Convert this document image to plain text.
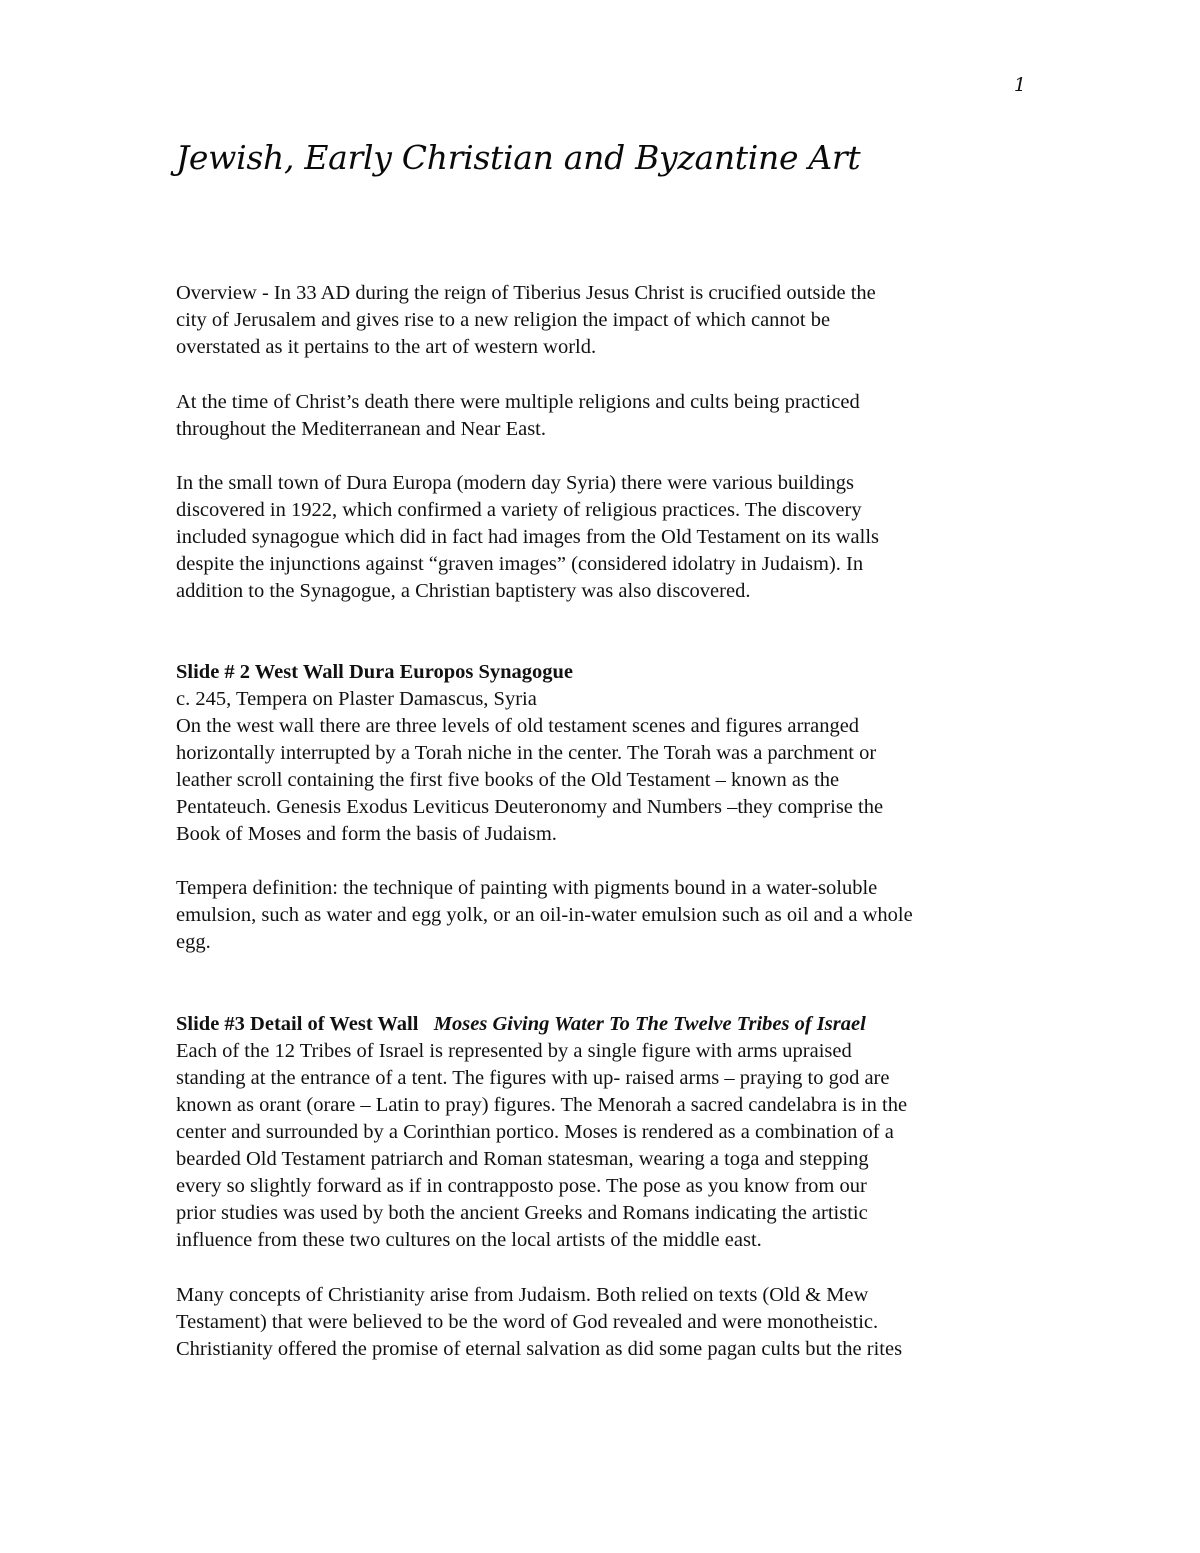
1
Jewish, Early Christian and Byzantine Art
Overview - In 33 AD during the reign of Tiberius Jesus Christ is crucified outside the
city of Jerusalem and gives rise to a new religion the impact of which cannot be
overstated as it pertains to the art of western world.
At the time of Christ’s death there were multiple religions and cults being practiced
throughout the Mediterranean and Near East.
In the small town of Dura Europa (modern day Syria) there were various buildings
discovered in 1922, which confirmed a variety of religious practices. The discovery
included synagogue which did in fact had images from the Old Testament on its walls
despite the injunctions against “graven images” (considered idolatry in Judaism). In
addition to the Synagogue, a Christian baptistery was also discovered.
Slide # 2 West Wall Dura Europos Synagogue
c. 245, Tempera on Plaster Damascus, Syria
On the west wall there are three levels of old testament scenes and figures arranged
horizontally interrupted by a Torah niche in the center. The Torah was a parchment or
leather scroll containing the first five books of the Old Testament – known as the
Pentateuch. Genesis Exodus Leviticus Deuteronomy and Numbers –they comprise the
Book of Moses and form the basis of Judaism.
Tempera definition: the technique of painting with pigments bound in a water-soluble
emulsion, such as water and egg yolk, or an oil-in-water emulsion such as oil and a whole
egg.
Slide #3 Detail of West Wall Moses Giving Water To The Twelve Tribes of Israel
Each of the 12 Tribes of Israel is represented by a single figure with arms upraised
standing at the entrance of a tent. The figures with up- raised arms – praying to god are
known as orant (orare – Latin to pray) figures. The Menorah a sacred candelabra is in the
center and surrounded by a Corinthian portico. Moses is rendered as a combination of a
bearded Old Testament patriarch and Roman statesman, wearing a toga and stepping
every so slightly forward as if in contrapposto pose. The pose as you know from our
prior studies was used by both the ancient Greeks and Romans indicating the artistic
influence from these two cultures on the local artists of the middle east.
Many concepts of Christianity arise from Judaism. Both relied on texts (Old & Mew
Testament) that were believed to be the word of God revealed and were monotheistic.
Christianity offered the promise of eternal salvation as did some pagan cults but the rites
